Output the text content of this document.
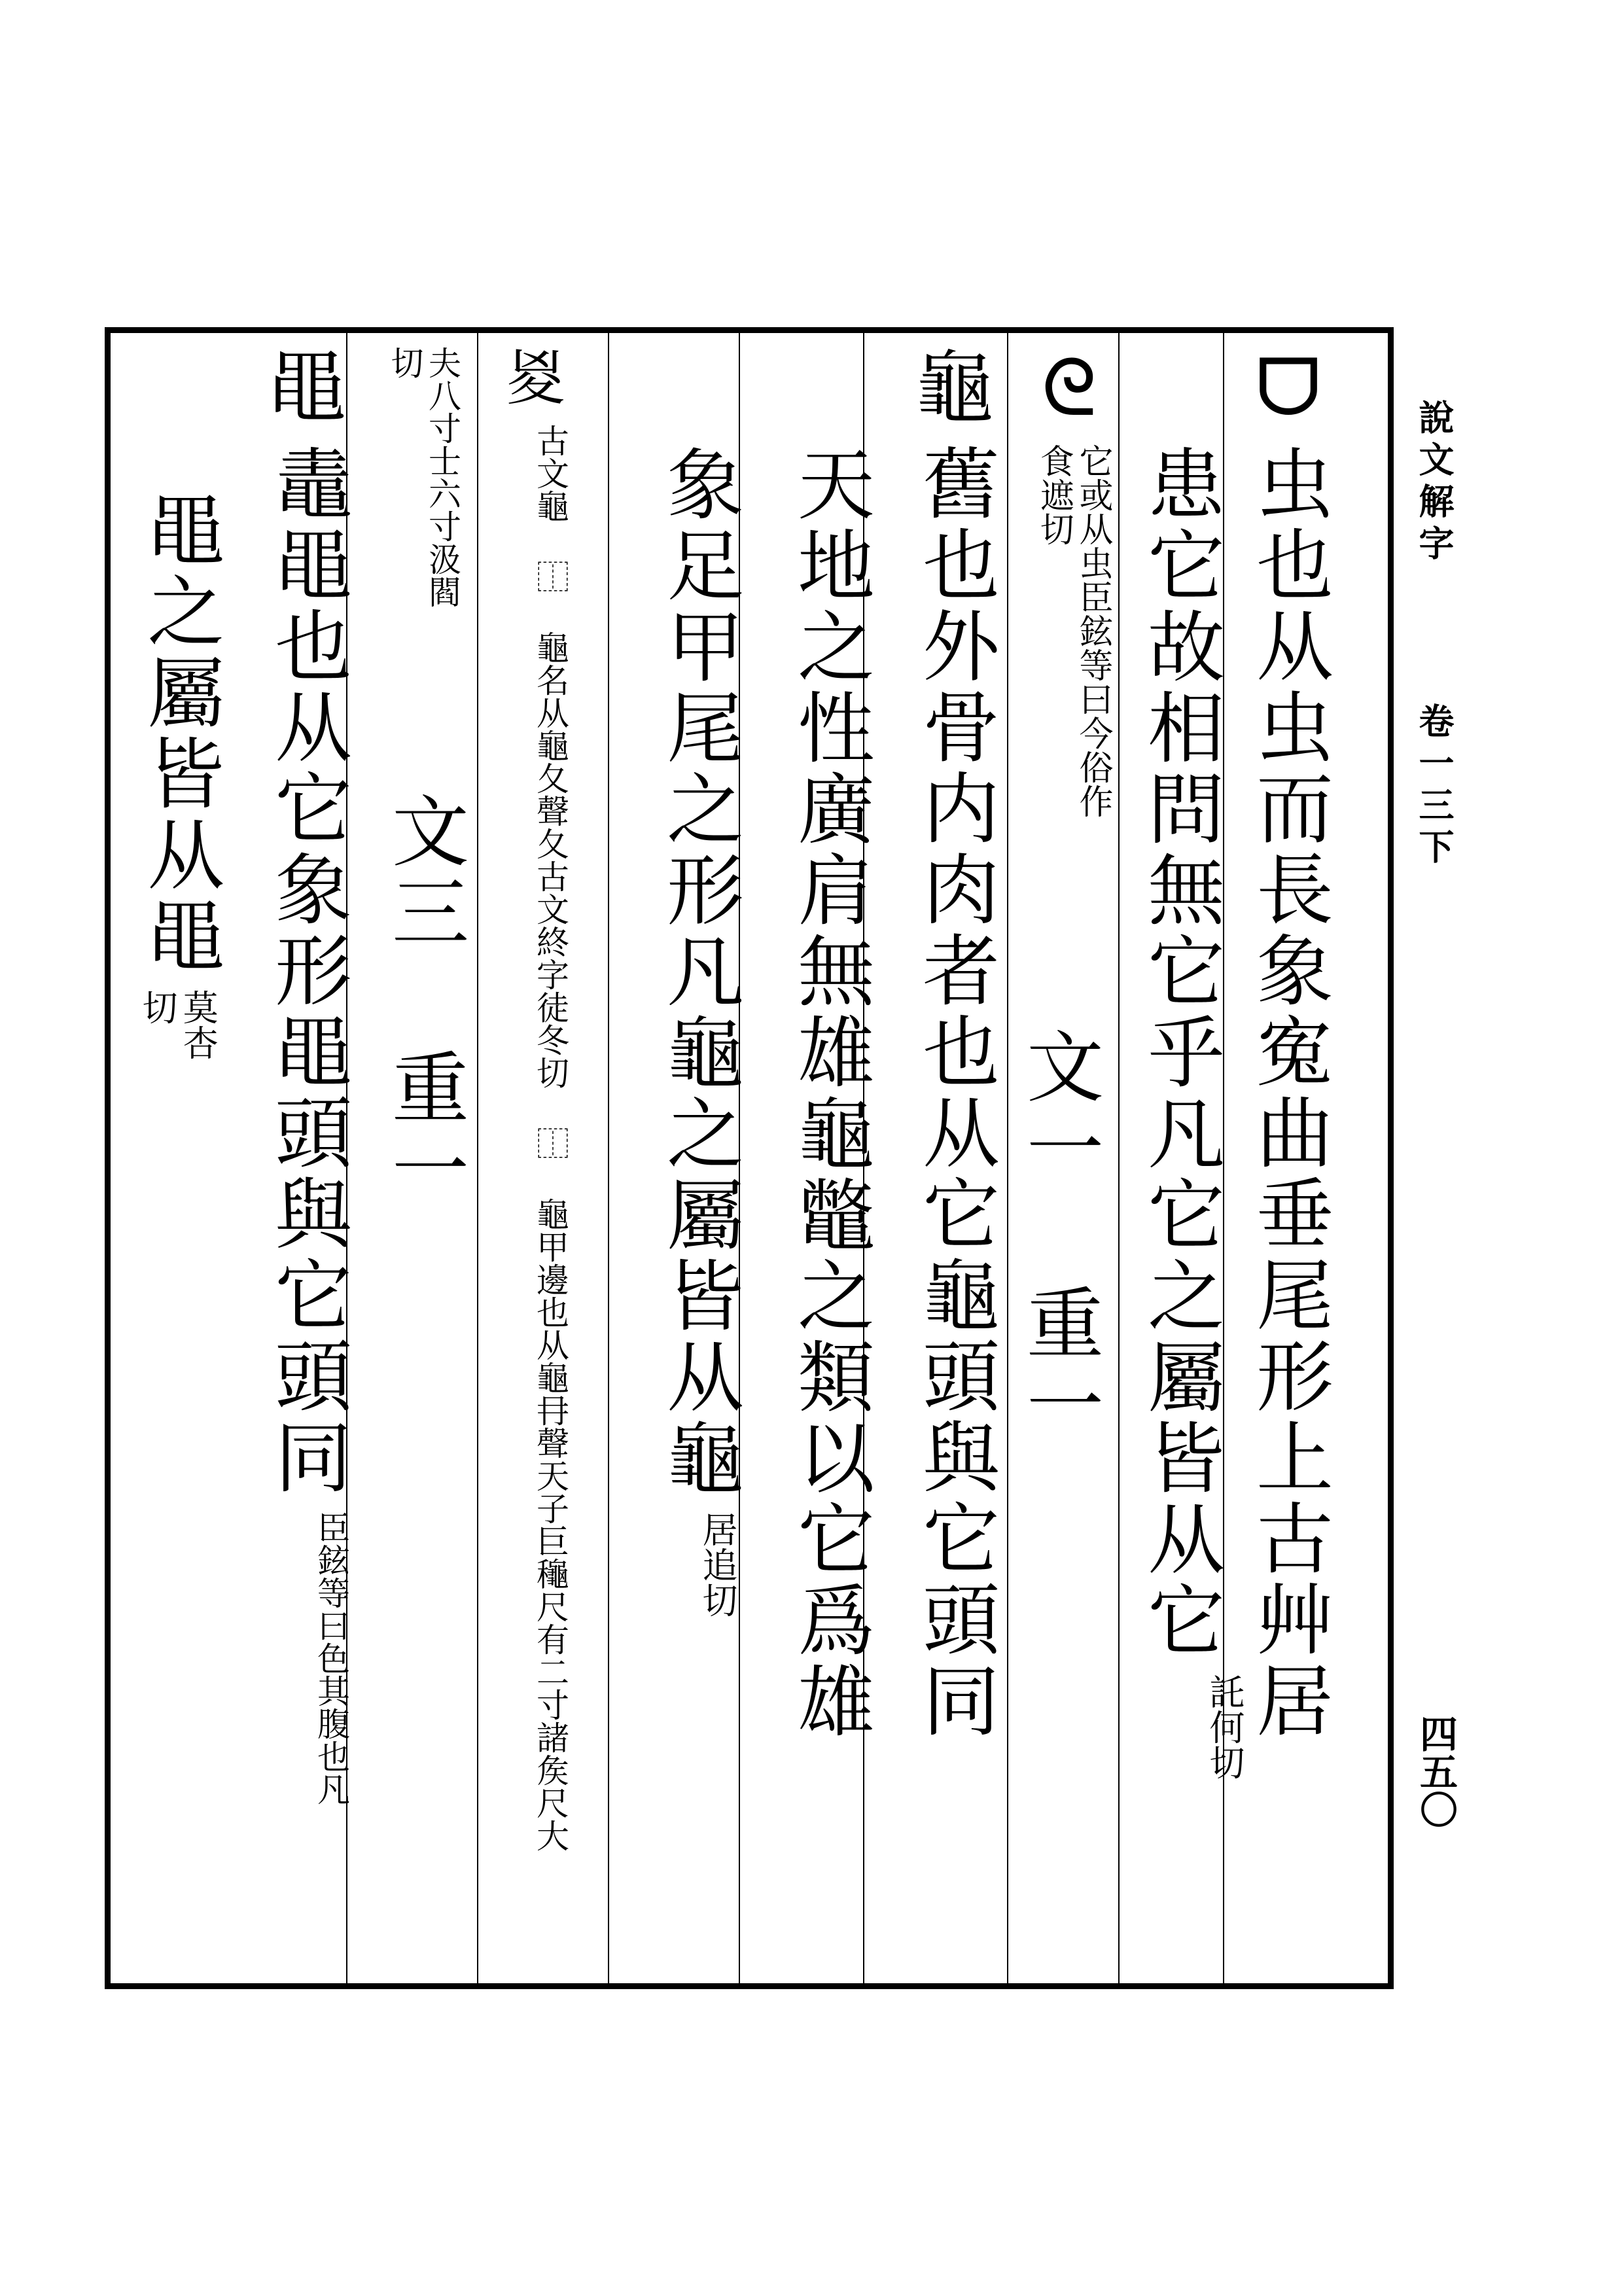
說文解字  卷一三下
四五〇
ᗜ 虫也从虫而長象寃曲垂尾形上古艸居
患它故相問無它乎凡它之屬皆从它 託何切
ᘓ 它或从虫臣鉉等曰今俗作食遮切
文一 重一
龜 舊也外骨内肉者也从它龜頭與它頭同
天地之性廣肩無雄龜鼈之類以它爲雄
象足甲尾之形凡龜之屬皆从龜 居追切
㚇 古文龜 ⿰ 龜名从龜夂聲夂古文終字徒冬切 ⿰ 龜甲邊也从龜冄聲天子巨龝尺有二寸諸矦尺大
夫八寸士六寸汲閻切
文三 重一
黽 鼃黽也从它象形黽頭與它頭同 臣鉉等曰色其腹也凡
黽之屬皆从黽 莫杏切
